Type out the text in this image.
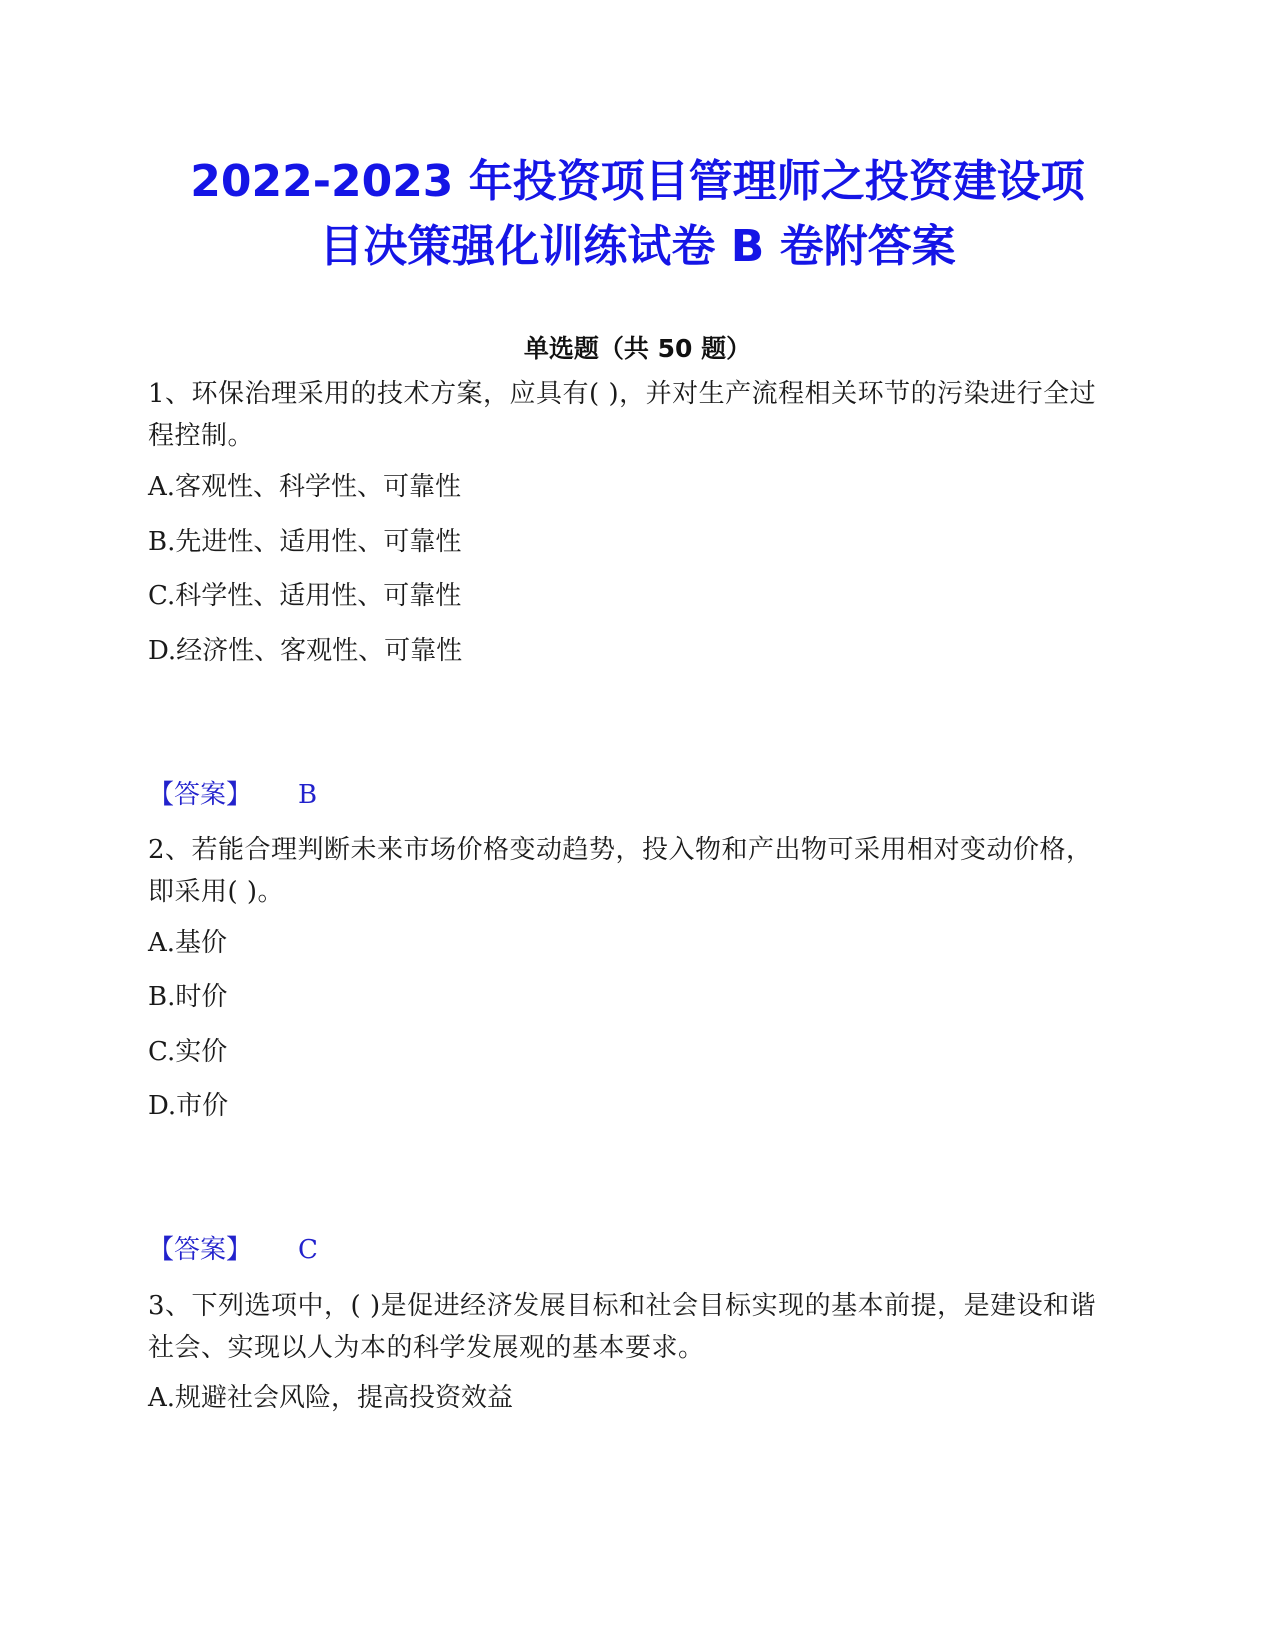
2022-2023 年投资项目管理师之投资建设项
目决策强化训练试卷 B 卷附答案
单选题（共 50 题）
1、环保治理采用的技术方案，应具有( )，并对生产流程相关环节的污染进行全过程控制。
A.客观性、科学性、可靠性
B.先进性、适用性、可靠性
C.科学性、适用性、可靠性
D.经济性、客观性、可靠性
【答案】 B
2、若能合理判断未来市场价格变动趋势，投入物和产出物可采用相对变动价格，即采用( )。
A.基价
B.时价
C.实价
D.市价
【答案】 C
3、下列选项中，( )是促进经济发展目标和社会目标实现的基本前提，是建设和谐社会、实现以人为本的科学发展观的基本要求。
A.规避社会风险，提高投资效益
